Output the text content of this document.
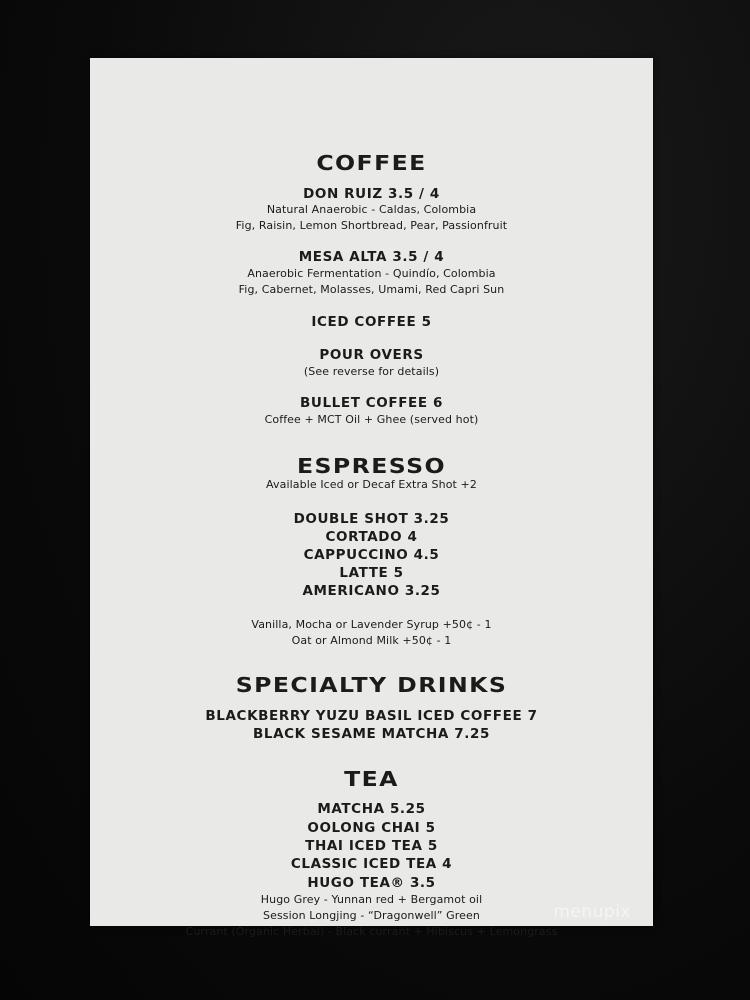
COFFEE
DON RUIZ 3.5 / 4
Natural Anaerobic - Caldas, Colombia
Fig, Raisin, Lemon Shortbread, Pear, Passionfruit
MESA ALTA 3.5 / 4
Anaerobic Fermentation - Quindío, Colombia
Fig, Cabernet, Molasses, Umami, Red Capri Sun
ICED COFFEE 5
POUR OVERS
(See reverse for details)
BULLET COFFEE 6
Coffee + MCT Oil + Ghee (served hot)
ESPRESSO
Available Iced or Decaf Extra Shot +2
DOUBLE SHOT 3.25
CORTADO 4
CAPPUCCINO 4.5
LATTE 5
AMERICANO 3.25
Vanilla, Mocha or Lavender Syrup +50¢ - 1
Oat or Almond Milk +50¢ - 1
SPECIALTY DRINKS
BLACKBERRY YUZU BASIL ICED COFFEE 7
BLACK SESAME MATCHA 7.25
TEA
MATCHA 5.25
OOLONG CHAI 5
THAI ICED TEA 5
CLASSIC ICED TEA 4
HUGO TEA® 3.5
Hugo Grey - Yunnan red + Bergamot oil
Session Longjing - “Dragonwell” Green
Currant (Organic Herbal) - Black currant + Hibiscus + Lemongrass
menupix
